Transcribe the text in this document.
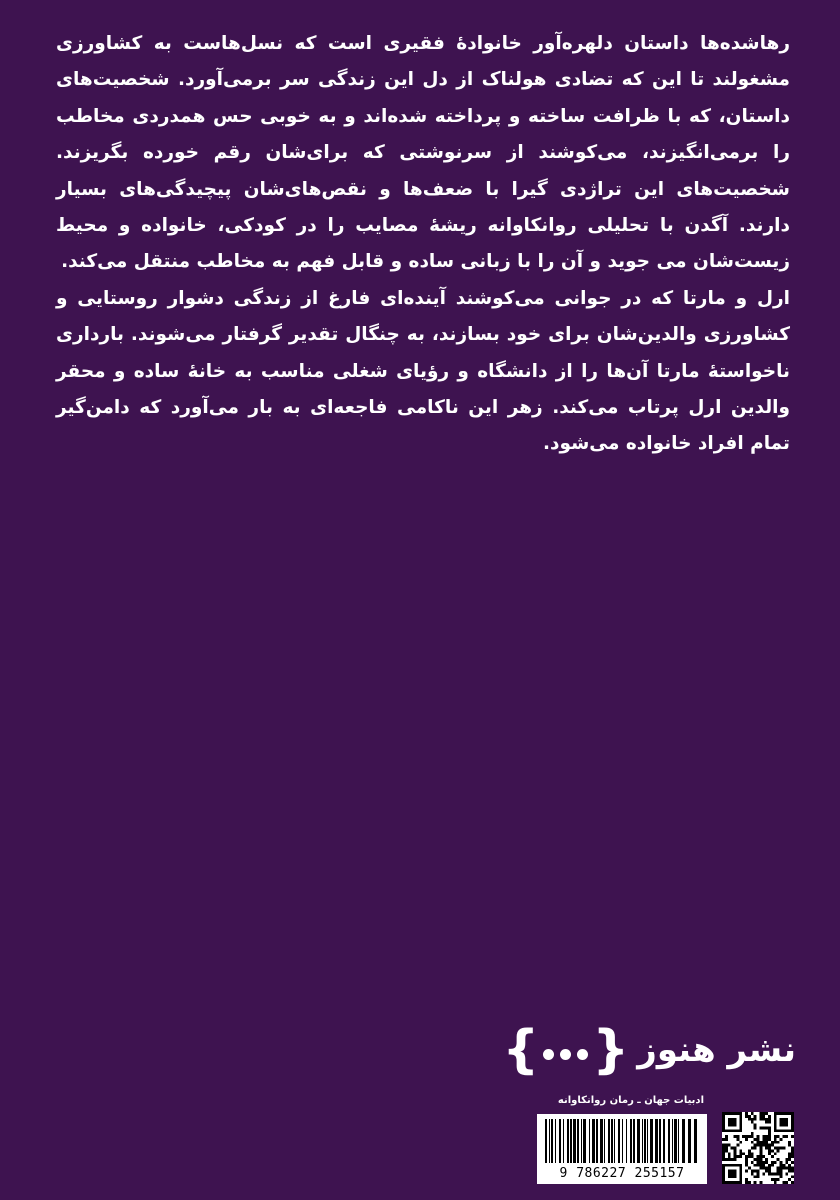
رهاشده‌ها داستان دلهره‌آور خانوادهٔ فقیری است که نسل‌هاست به کشاورزی مشغولند تا این که تضادی هولناک از دل این زندگی سر برمی‌آورد. شخصیت‌های داستان، که با ظرافت ساخته و پرداخته شده‌اند و به خوبی حس همدردی مخاطب را برمی‌انگیزند، می‌کوشند از سرنوشتی که برای‌شان رقم خورده بگریزند. شخصیت‌های این تراژدی گیرا با ضعف‌ها و نقص‌های‌شان پیچیدگی‌های بسیار دارند. آگدن با تحلیلی روانکاوانه ریشهٔ مصایب را در کودکی، خانواده و محیط زیست‌شان می جوید و آن را با زبانی ساده و قابل فهم به مخاطب منتقل می‌کند.

ارل و مارتا که در جوانی می‌کوشند آینده‌ای فارغ از زندگی دشوار روستایی و کشاورزی والدین‌شان برای خود بسازند، به چنگال تقدیر گرفتار می‌شوند. بارداری ناخواستهٔ مارتا آن‌ها را از دانشگاه و رؤیای شغلی مناسب به خانهٔ ساده و محقر والدین ارل پرتاب می‌کند. زهر این ناکامی فاجعه‌ای به بار می‌آورد که دامن‌گیر تمام افراد خانواده می‌شود.

نشر هنوز
{ }
ادبیات جهان ـ رمان روانکاوانه
9 786227 255157
